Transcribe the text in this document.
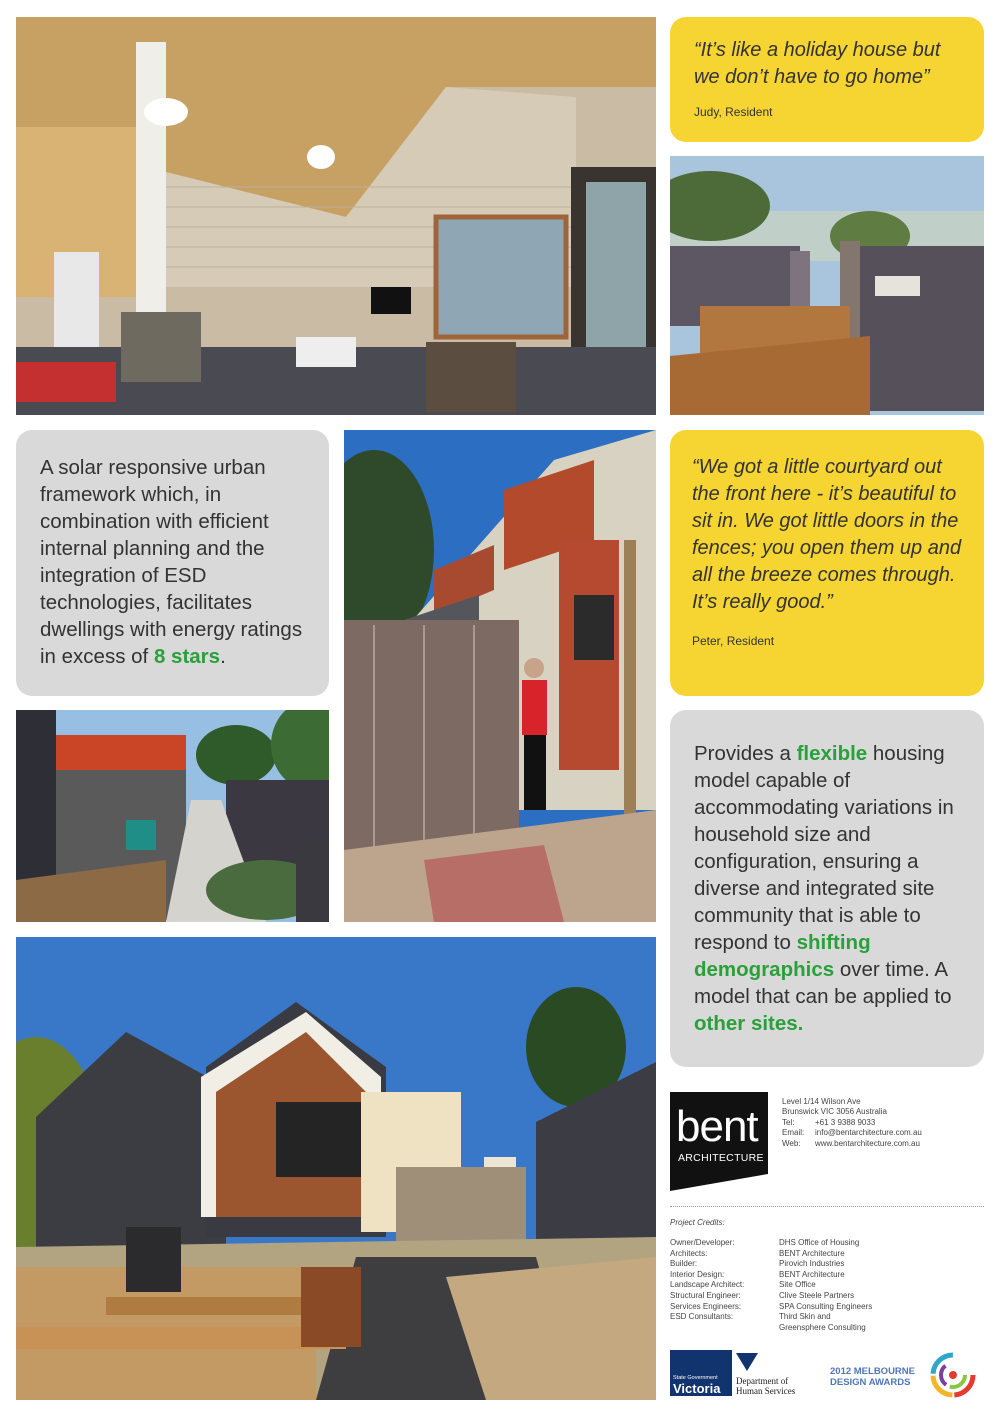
“It’s like a holiday house but we don’t have to go home”
Judy, Resident
A solar responsive urban framework which, in combination with efficient internal planning and the integration of ESD technologies, facilitates dwellings with energy ratings in excess of 8 stars.
“We got a little courtyard out the front here - it’s beautiful to sit in. We got little doors in the fences; you open them up and all the breeze comes through. It’s really good.”
Peter, Resident
Provides a flexible housing model capable of accommodating variations in household size and configuration, ensuring a diverse and integrated site community that is able to respond to shifting demographics over time. A model that can be applied to other sites.
bent
ARCHITECTURE
Level 1/14 Wilson Ave
Brunswick VIC 3056 Australia
Tel:	+61 3 9388 9033
Email: info@bentarchitecture.com.au
Web: www.bentarchitecture.com.au
Project Credits:
Owner/Developer:	DHS Office of Housing
Architects:	BENT Architecture
Builder:	Pirovich Industries
Interior Design:	BENT Architecture
Landscape Architect:	Site Office
Structural Engineer:	Clive Steele Partners
Services Engineers:	SPA Consulting Engineers
ESD Consultants:	Third Skin and
Greensphere Consulting
State Government
Victoria Department of
Human Services
2012 MELBOURNE
DESIGN AWARDS
